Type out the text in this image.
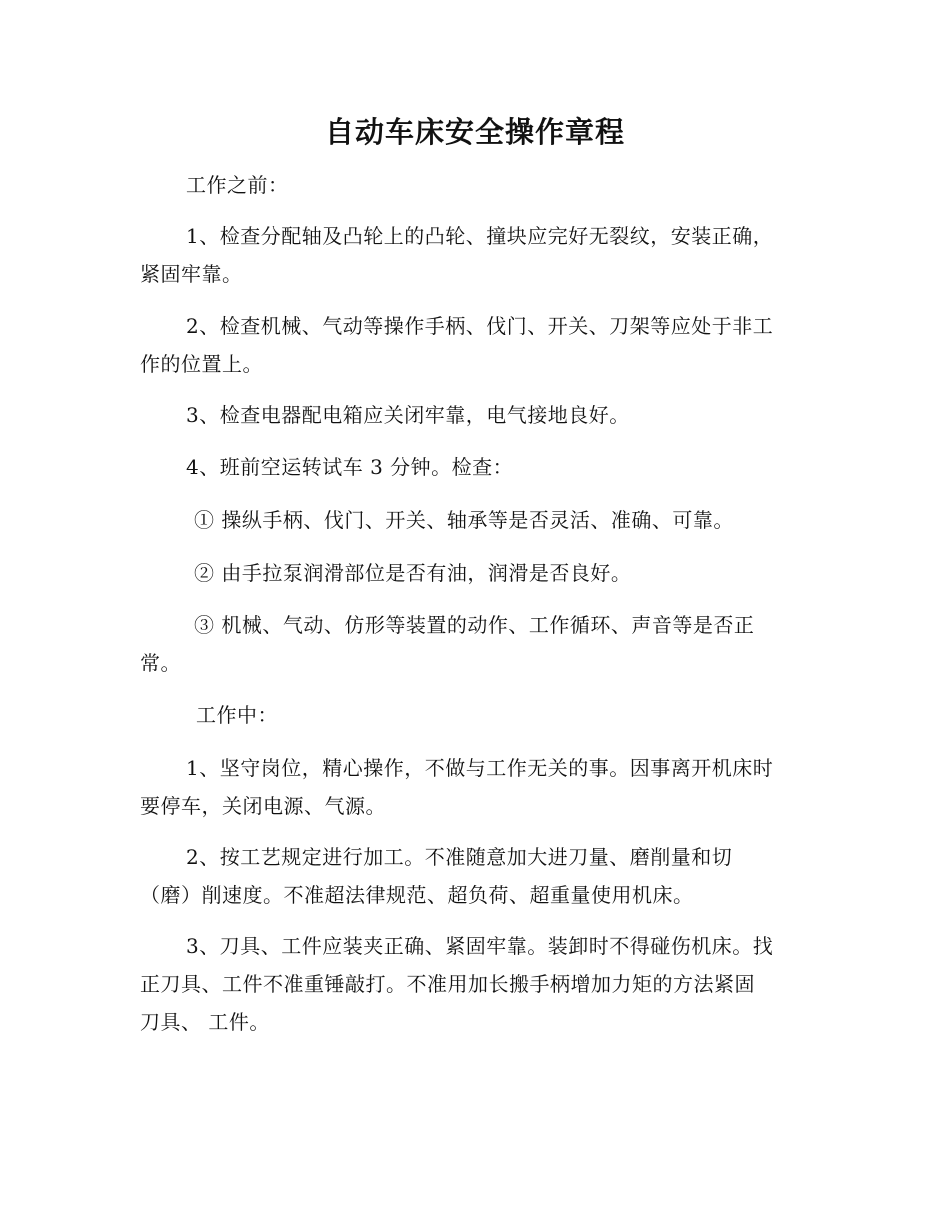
自动车床安全操作章程
工作之前：
1、检查分配轴及凸轮上的凸轮、撞块应完好无裂纹，安装正确，
紧固牢靠。
2、检查机械、气动等操作手柄、伐门、开关、刀架等应处于非工
作的位置上。
3、检查电器配电箱应关闭牢靠，电气接地良好。
4、班前空运转试车 3 分钟。检查：
① 操纵手柄、伐门、开关、轴承等是否灵活、准确、可靠。
② 由手拉泵润滑部位是否有油，润滑是否良好。
③ 机械、气动、仿形等装置的动作、工作循环、声音等是否正
常。
工作中：
1、坚守岗位，精心操作，不做与工作无关的事。因事离开机床时
要停车，关闭电源、气源。
2、按工艺规定进行加工。不准随意加大进刀量、磨削量和切
（磨）削速度。不准超法律规范、超负荷、超重量使用机床。
3、刀具、工件应装夹正确、紧固牢靠。装卸时不得碰伤机床。找
正刀具、工件不准重锤敲打。不准用加长搬手柄增加力矩的方法紧固
刀具、 工件。
